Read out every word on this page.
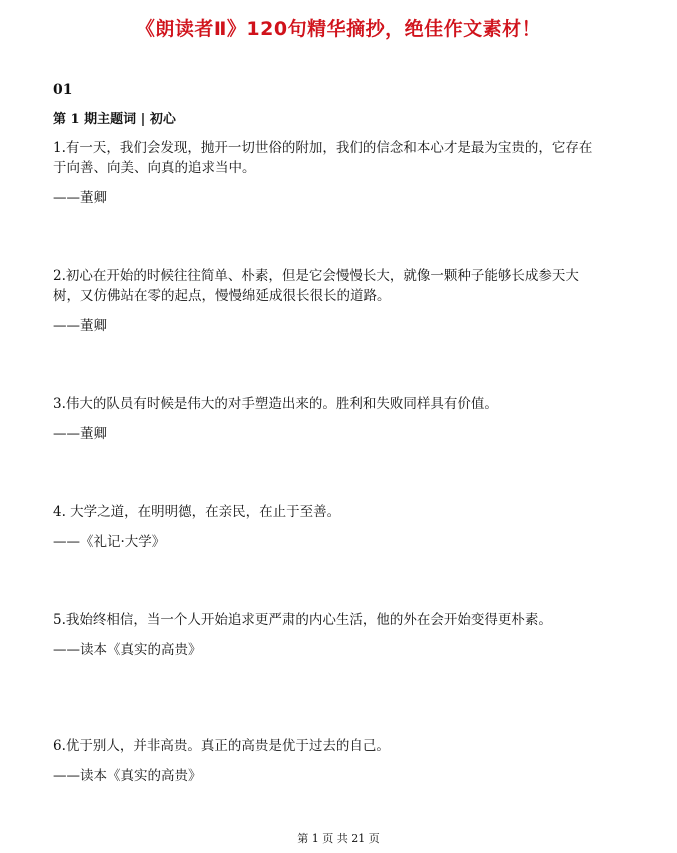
《朗读者Ⅱ》120句精华摘抄，绝佳作文素材！
01
第 1 期主题词 | 初心

1.有一天，我们会发现，抛开一切世俗的附加，我们的信念和本心才是最为宝贵的，它存在于向善、向美、向真的追求当中。

——董卿

2.初心在开始的时候往往简单、朴素，但是它会慢慢长大，就像一颗种子能够长成参天大树，又仿佛站在零的起点，慢慢绵延成很长很长的道路。

——董卿

3.伟大的队员有时候是伟大的对手塑造出来的。胜利和失败同样具有价值。

——董卿

4. 大学之道，在明明德，在亲民，在止于至善。

——《礼记·大学》

5.我始终相信，当一个人开始追求更严肃的内心生活，他的外在会开始变得更朴素。

——读本《真实的高贵》

6.优于别人，并非高贵。真正的高贵是优于过去的自己。

——读本《真实的高贵》

第 1 页 共 21 页
